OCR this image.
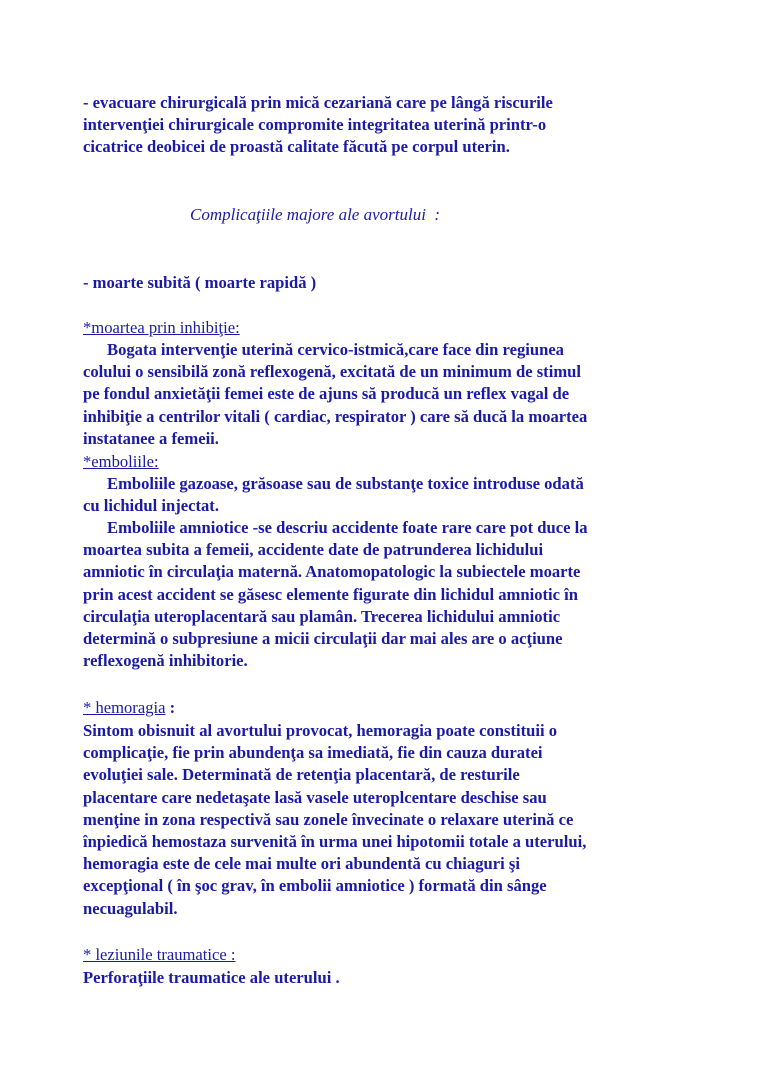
- evacuare chirurgicală prin mică cezariană care pe lângă riscurile
intervenţiei chirurgicale compromite integritatea uterină printr-o
cicatrice deobicei de proastă calitate făcută pe corpul uterin.
Complicaţiile majore ale avortului  :
- moarte subită ( moarte rapidă )
*moartea prin inhibiţie:
Bogata intervenţie uterină cervico-istmică,care face din regiunea
colului o sensibilă zonă reflexogenă, excitată de un minimum de stimul
pe fondul anxietăţii femei este de ajuns să producă un reflex vagal de
inhibiţie a centrilor vitali ( cardiac, respirator ) care să ducă la moartea
instatanee a femeii.
*emboliile:
Emboliile gazoase, grăsoase sau de substanţe toxice introduse odată
cu lichidul injectat.
Emboliile amniotice -se descriu accidente foate rare care pot duce la
moartea subita a femeii, accidente date de patrunderea lichidului
amniotic în circulaţia maternă. Anatomopatologic la subiectele moarte
prin acest accident se găsesc elemente figurate din lichidul amniotic în
circulaţia uteroplacentară sau plamân. Trecerea lichidului amniotic
determină o subpresiune a micii circulaţii dar mai ales are o acţiune
reflexogenă inhibitorie.
* hemoragia :
Sintom obisnuit al avortului provocat, hemoragia poate constituii o
complicaţie, fie prin abundenţa sa imediată, fie din cauza duratei
evoluţiei sale. Determinată de retenţia placentară, de resturile
placentare care nedetaşate lasă vasele uteroplcentare deschise sau
menţine in zona respectivă sau zonele învecinate o relaxare uterină ce
înpiedică hemostaza survenită în urma unei hipotomii totale a uterului,
hemoragia este de cele mai multe ori abundentă cu chiaguri şi
excepţional ( în şoc grav, în embolii amniotice ) formată din sânge
necuagulabil.
* leziunile traumatice :
Perforaţiile traumatice ale uterului .
